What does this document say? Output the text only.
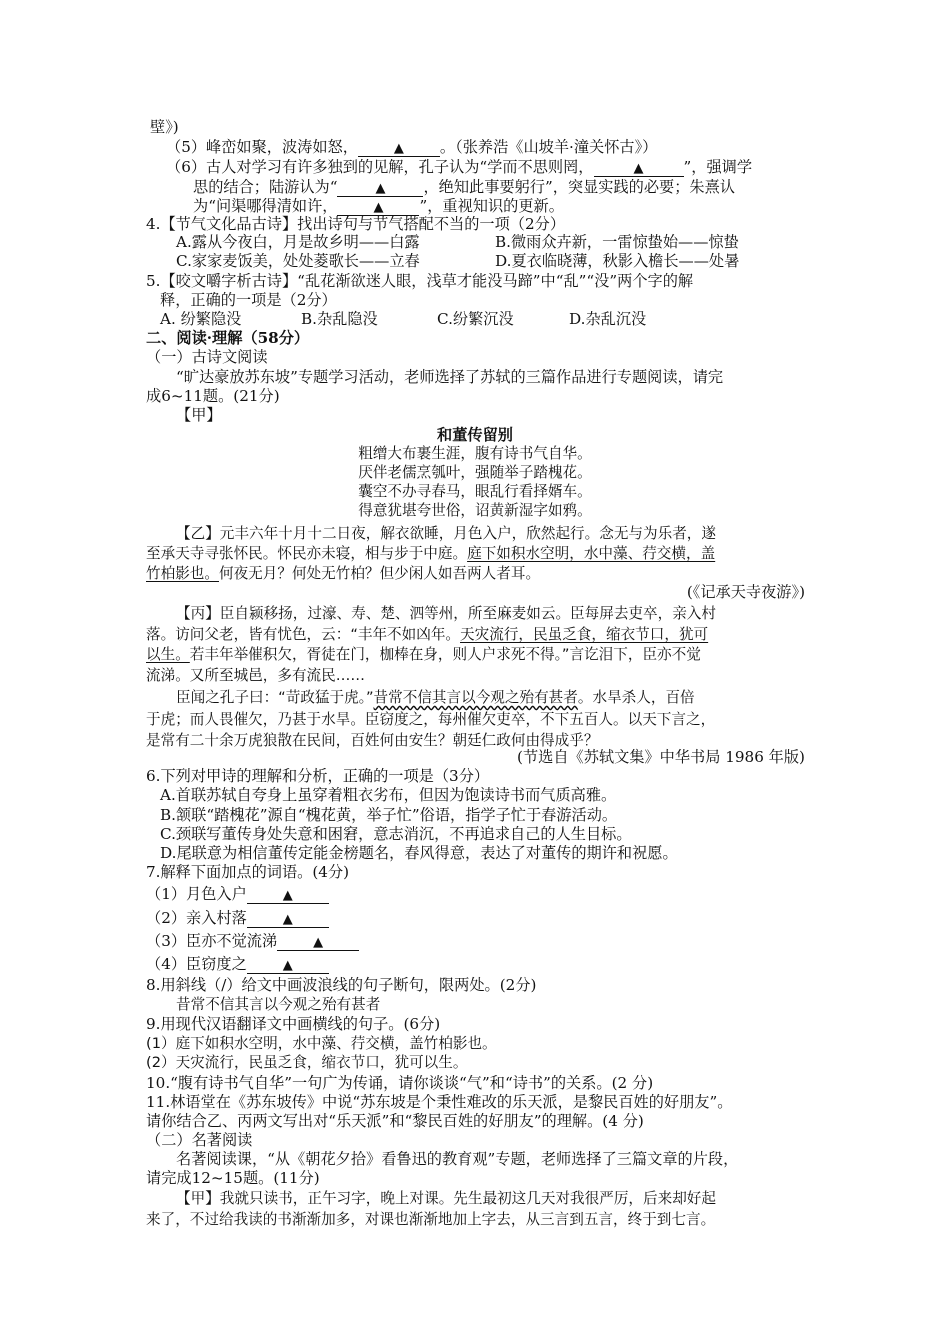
壁》)
（5）峰峦如聚，波涛如怒，	▲ 。（张养浩《山坡羊·潼关怀古》）
（6）古人对学习有许多独到的见解，孔子认为“学而不思则罔，	▲	”，强调学
思的结合；陆游认为“	▲	，绝知此事要躬行”，突显实践的必要；朱熹认
为“问渠哪得清如许，	▲ ”，重视知识的更新。
4.【节气文化品古诗】找出诗句与节气搭配不当的一项（2分）
A.露从今夜白，月是故乡明——白露	B.微雨众卉新，一雷惊蛰始——惊蛰
C.家家麦饭美，处处菱歌长——立春	D.夏衣临晓薄，秋影入檐长——处暑
5.【咬文嚼字析古诗】“乱花渐欲迷人眼，浅草才能没马蹄”中“乱”“没”两个字的解
释，正确的一项是（2分）
A. 纷繁隐没	B.杂乱隐没	C.纷繁沉没	D.杂乱沉没
二、阅读·理解（58分）
（一）古诗文阅读
“旷达豪放苏东坡”专题学习活动，老师选择了苏轼的三篇作品进行专题阅读，请完
成6~11题。(21分)
【甲】
和董传留别
粗缯大布裹生涯，腹有诗书气自华。
厌伴老儒烹瓠叶，强随举子踏槐花。
囊空不办寻春马，眼乱行看择婿车。
得意犹堪夸世俗，诏黄新湿字如鸦。
【乙】元丰六年十月十二日夜，解衣欲睡，月色入户，欣然起行。念无与为乐者，遂
至承天寺寻张怀民。怀民亦未寝，相与步于中庭。庭下如积水空明，水中藻、荇交横，盖
竹柏影也。何夜无月？何处无竹柏？但少闲人如吾两人者耳。
(《记承天寺夜游》)
【丙】臣自颍移扬，过濠、寿、楚、泗等州，所至麻麦如云。臣每屏去吏卒，亲入村
落。访问父老，皆有忧色，云：“丰年不如凶年。天灾流行，民虽乏食，缩衣节口，犹可
以生。若丰年举催积欠，胥徒在门，枷棒在身，则人户求死不得。”言讫泪下，臣亦不觉
流涕。又所至城邑，多有流民……
臣闻之孔子曰：“苛政猛于虎。”昔常不信其言以今观之殆有甚者。水旱杀人，百倍
于虎；而人畏催欠，乃甚于水旱。臣窃度之，每州催欠吏卒，不下五百人。以天下言之，
是常有二十余万虎狼散在民间，百姓何由安生？朝廷仁政何由得成乎？
(节选自《苏轼文集》中华书局 1986 年版)
6.下列对甲诗的理解和分析，正确的一项是（3分）
A.首联苏轼自夸身上虽穿着粗衣劣布，但因为饱读诗书而气质高雅。
B.颔联“踏槐花”源自“槐花黄，举子忙”俗语，指学子忙于春游活动。
C.颈联写董传身处失意和困窘，意志消沉，不再追求自己的人生目标。
D.尾联意为相信董传定能金榜题名，春风得意，表达了对董传的期许和祝愿。
7.解释下面加点的词语。(4分)
（1）月色入户	▲
（2）亲入村落	▲
（3）臣亦不觉流涕	▲
（4）臣窃度之	▲
8.用斜线（/）给文中画波浪线的句子断句，限两处。(2分)
昔常不信其言以今观之殆有甚者
9.用现代汉语翻译文中画横线的句子。(6分)
(1）庭下如积水空明，水中藻、荇交横，盖竹柏影也。
(2）天灾流行，民虽乏食，缩衣节口，犹可以生。
10.“腹有诗书气自华”一句广为传诵，请你谈谈“气”和“诗书”的关系。(2 分)
11.林语堂在《苏东坡传》中说“苏东坡是个秉性难改的乐天派，是黎民百姓的好朋友”。
请你结合乙、丙两文写出对“乐天派”和“黎民百姓的好朋友”的理解。(4 分)
（二）名著阅读
名著阅读课，“从《朝花夕拾》看鲁迅的教育观”专题，老师选择了三篇文章的片段，
请完成12~15题。(11分)
【甲】我就只读书，正午习字，晚上对课。先生最初这几天对我很严厉，后来却好起
来了，不过给我读的书渐渐加多，对课也渐渐地加上字去，从三言到五言，终于到七言。
